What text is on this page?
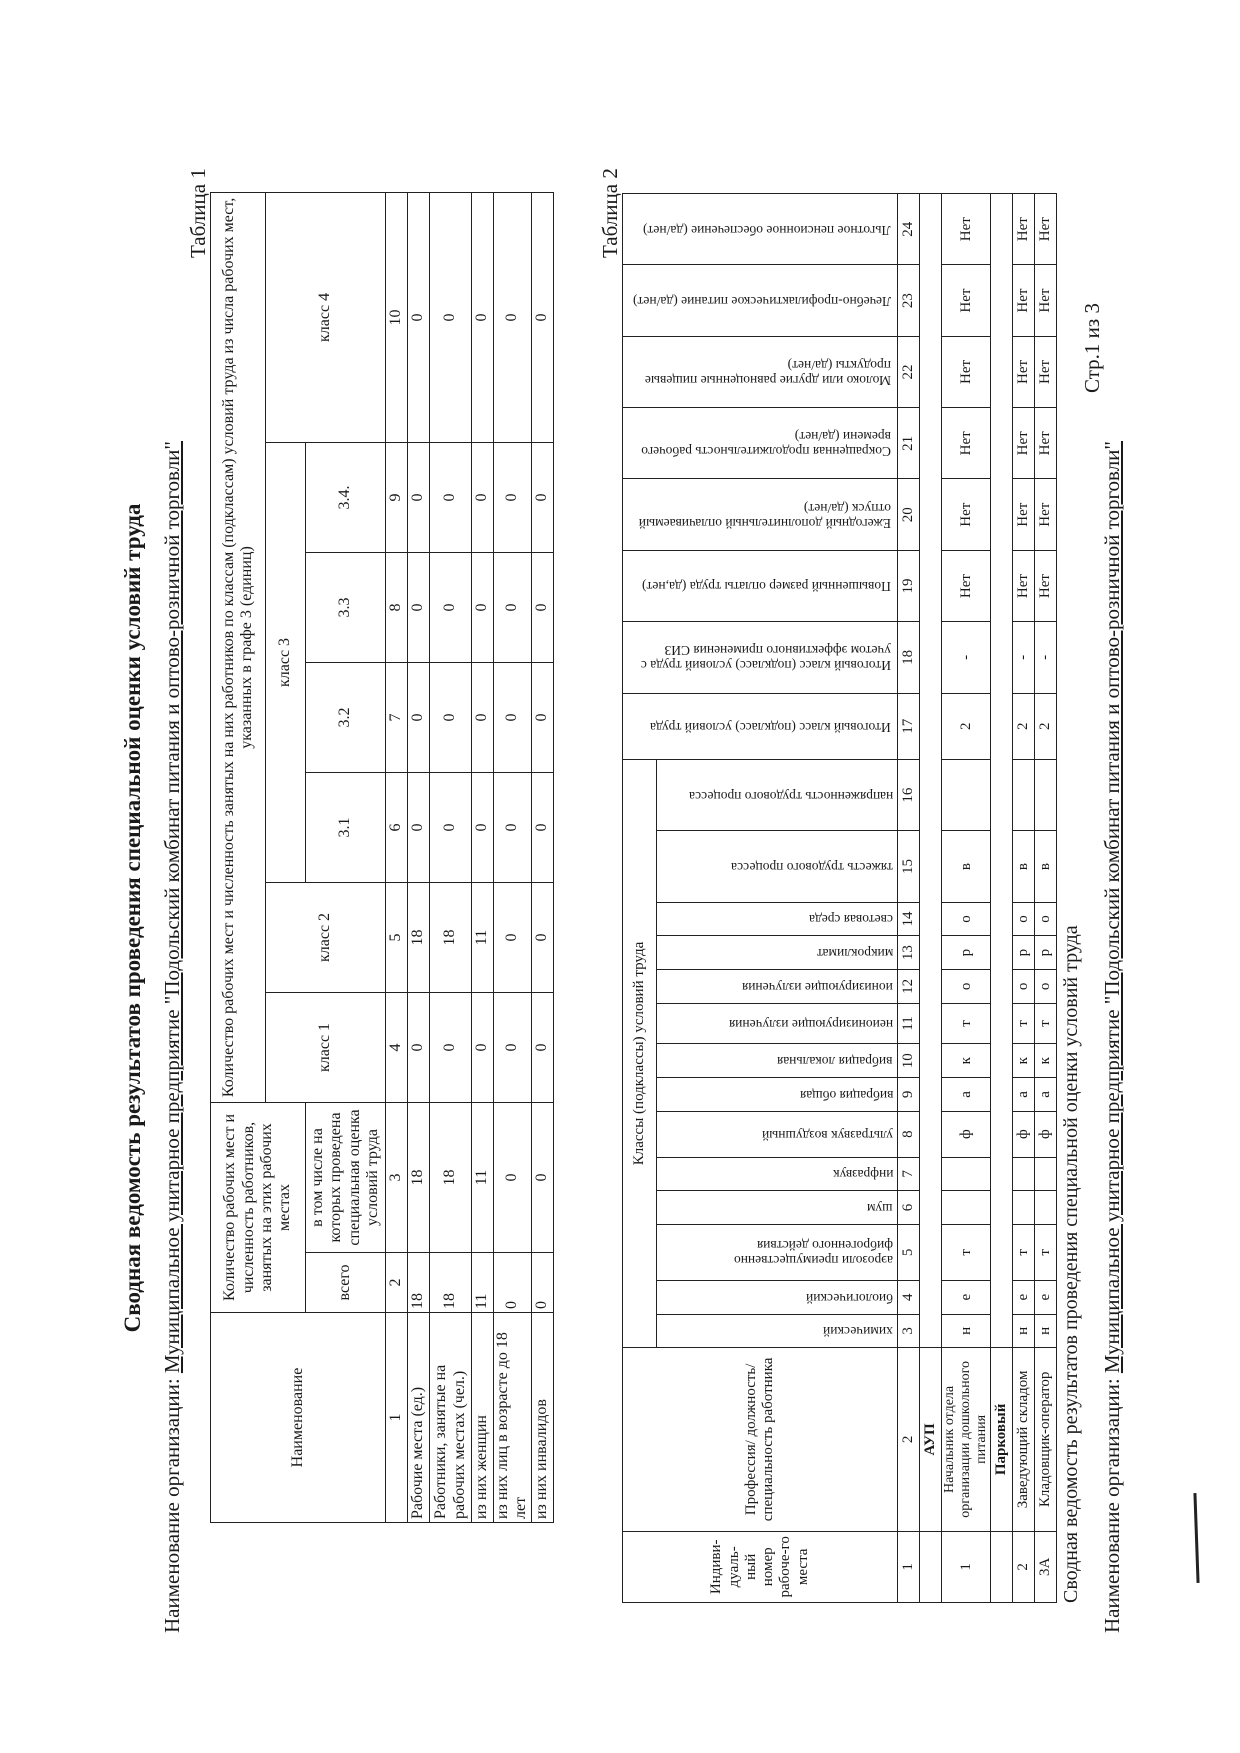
Сводная ведомость результатов проведения специальной оценки условий труда
Наименование организации: Муниципальное унитарное предприятие "Подольский комбинат питания и оптово-розничной торговли"
Таблица 1
Наименование	Количество рабочих мест и численность работников, занятых на этих рабочих местах		Количество рабочих мест и численность занятых на них работников по классам (подклассам) условий труда из числа рабочих мест, указанных в графе 3 (единиц)						
			класс 1	класс 2	класс 3				класс 4
	всего	в том числе на которых проведена специальная оценка условий труда			3.1	3.2	3.3	3.4.	
1	2	3	4	5	6	7	8	9	10
Рабочие места (ед.)	18	18	0	18	0	0	0	0	0
Работники, занятые на рабочих местах (чел.)	18	18	0	18	0	0	0	0	0
из них женщин	11	11	0	11	0	0	0	0	0
из них лиц в возрасте до 18 лет	0	0	0	0	0	0	0	0	0
из них инвалидов	0	0	0	0	0	0	0	0	0
Таблица 2
Индиви-дуаль-ный номер рабоче-го места	Профессия/ должность/ специальность работника	Классы (подклассы) условий труда														Итоговый класс (подкласс) условий труда	Итоговый класс (подкласс) условий труда с учетом эффективного применения СИЗ	Повышенный размер оплаты труда (да,нет)	Ежегодный дополнительный оплачиваемый отпуск (да/нет)	Сокращенная продолжительность рабочего времени (да/нет)	Молоко или другие равноценные пищевые продукты (да/нет)	Лечебно-профилактическое питание (да/нет)	Льготное пенсионное обеспечение (да/нет)

		химический	биологический	аэрозоли преимущественно фиброгенного действия	шум	инфразвук	ультразвук воздушный	вибрация общая	вибрация локальная	неионизирующие излучения	ионизирующие излучения	микроклимат	световая среда	тяжесть трудового процесса	напряженность трудового процесса								

1	2	3	4	5	6	7	8	9	10	11	12	13	14	15	16	17	18	19	20	21	22	23	24
	АУП																						
1	Начальник отдела организации дошкольного питания	н	е	т			ф	а	к	т	о	р	о	в		2	-	Нет	Нет	Нет	Нет	Нет	Нет
	Парковый																						
2	Заведующий складом	н	е	т			ф	а	к	т	о	р	о	в		2	-	Нет	Нет	Нет	Нет	Нет	Нет
3А	Кладовщик-оператор	н	е	т			ф	а	к	т	о	р	о	в		2	-	Нет	Нет	Нет	Нет	Нет	Нет
Сводная ведомость результатов проведения специальной оценки условий труда
Стр.1 из 3
Наименование организации: Муниципальное унитарное предприятие "Подольский комбинат питания и оптово-розничной торговли"
